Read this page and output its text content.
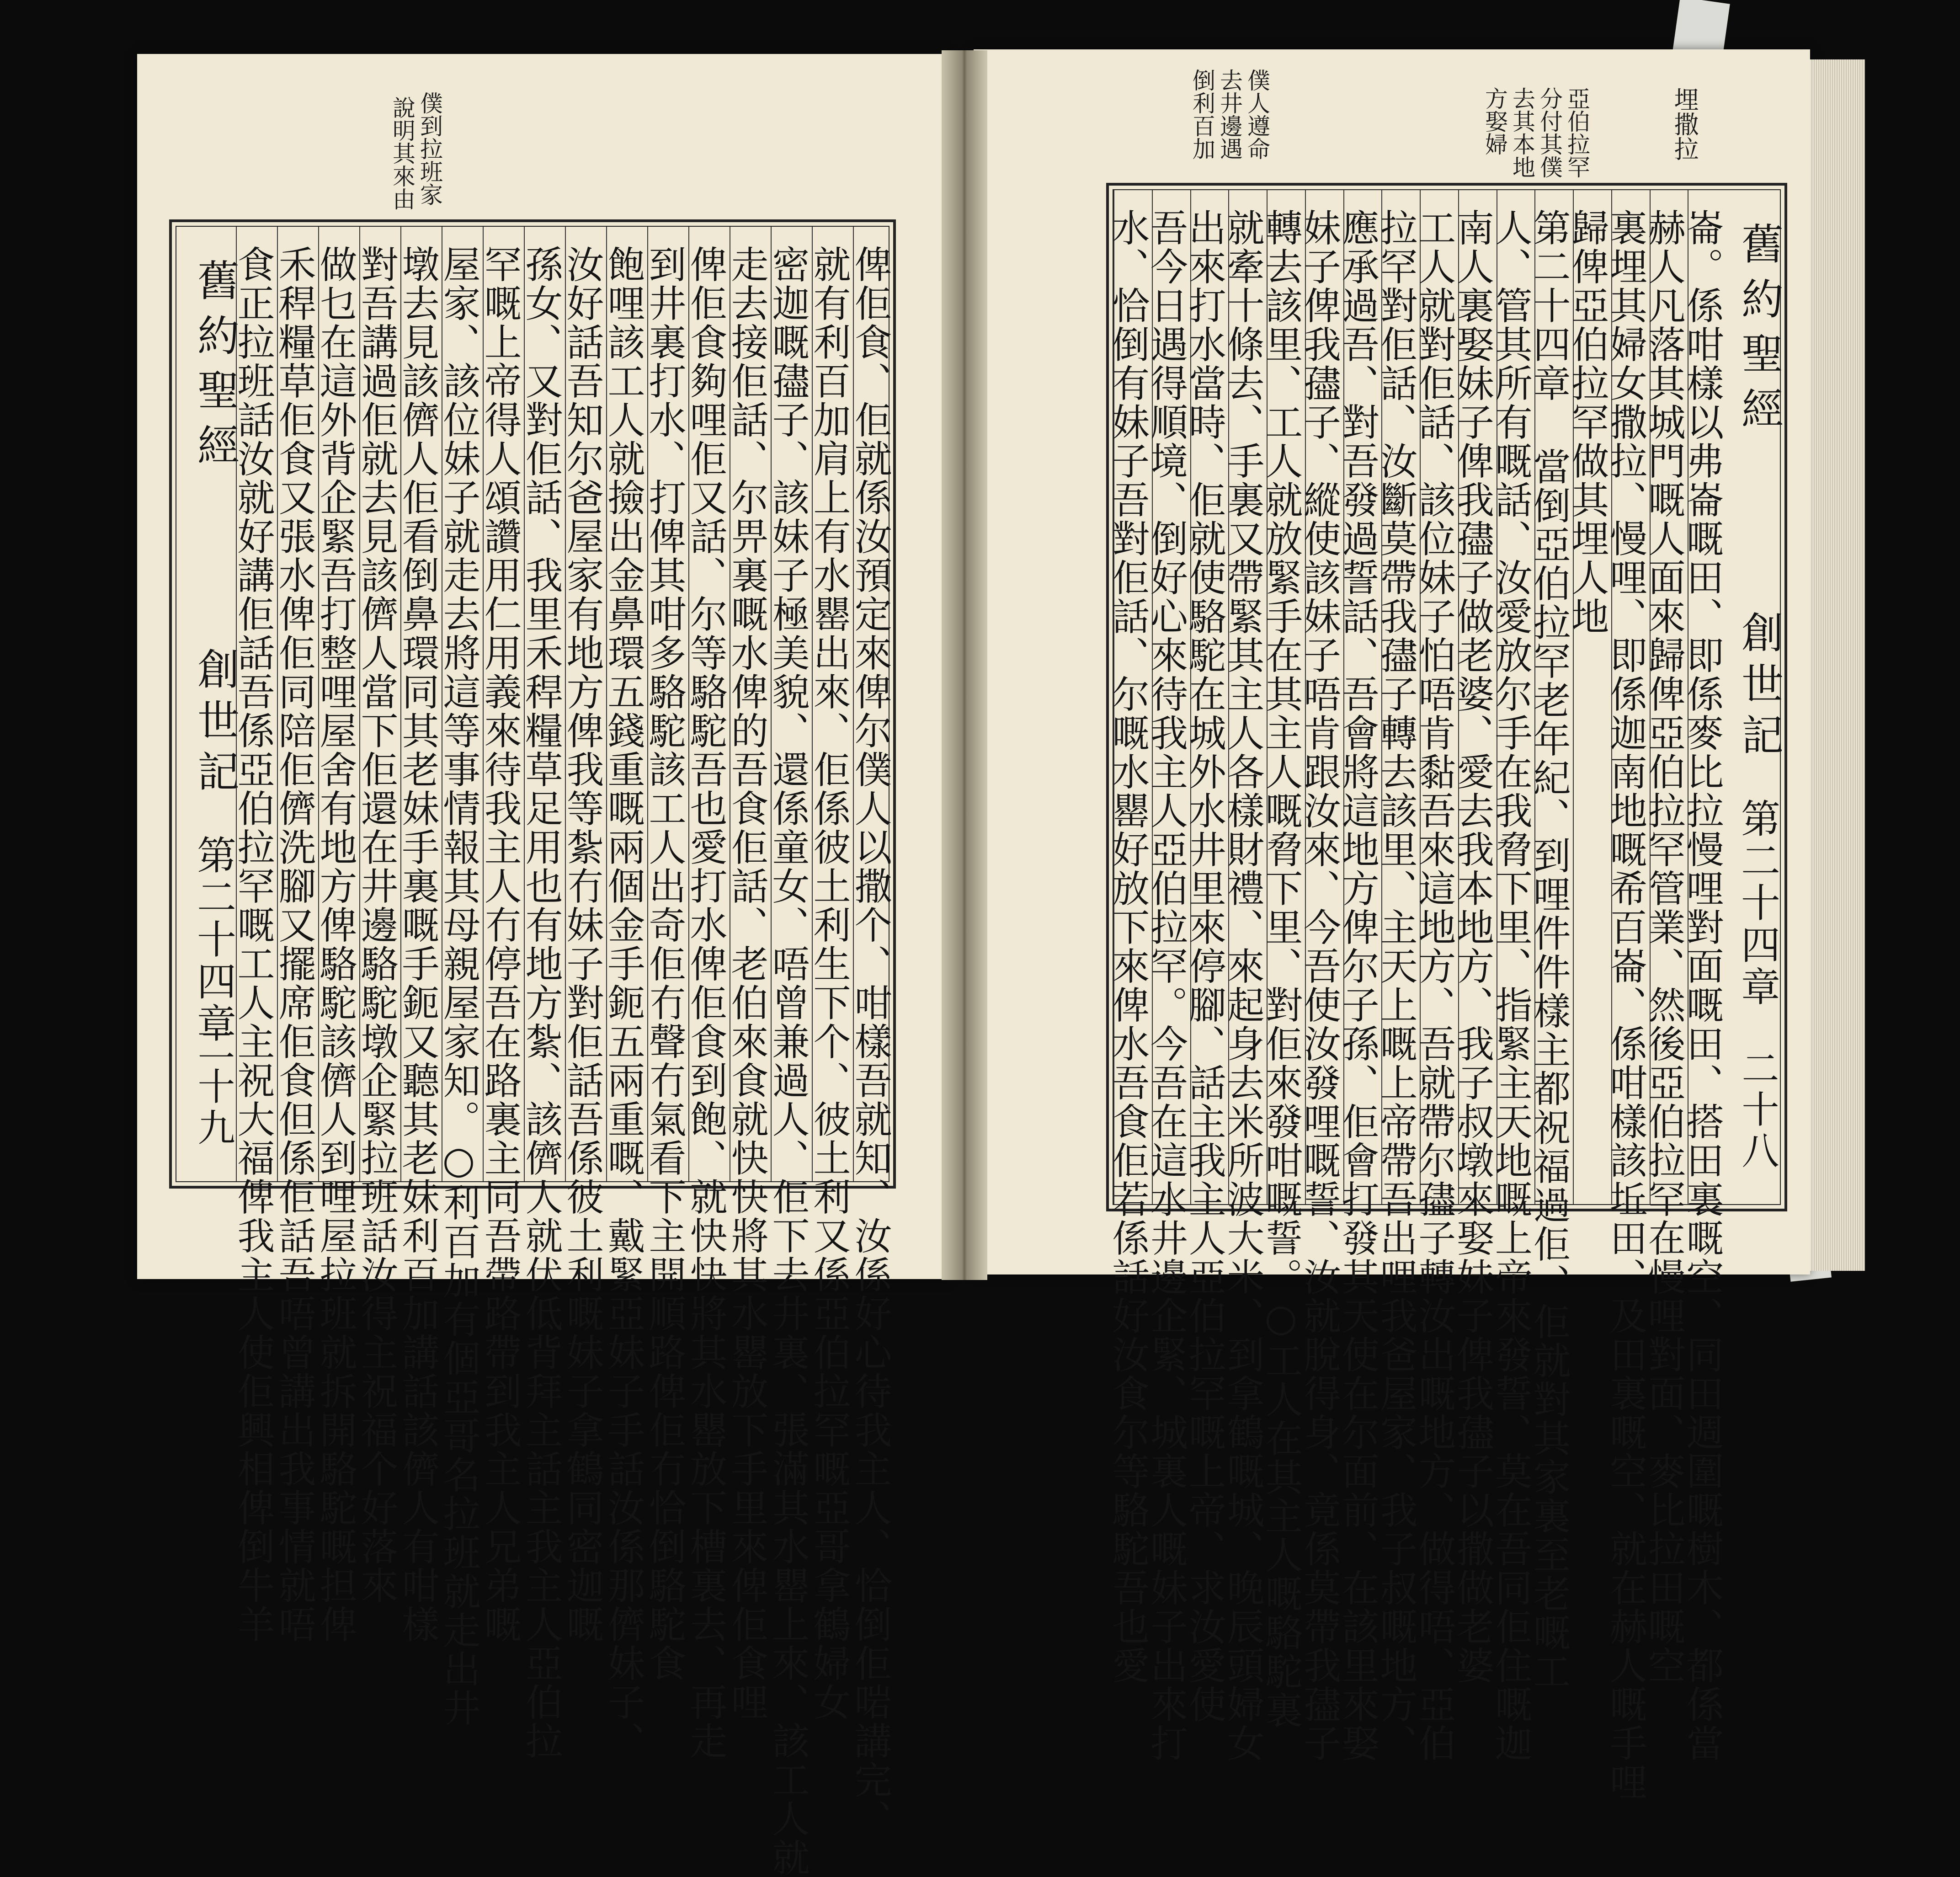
僕到拉班家
說明其來由
舊約聖經
創世記
第二十四章
二十九	俾佢食、佢就係汝預定來俾尔僕人以撒个、咁樣吾就知、汝係好心待我主人、恰倒佢啱講完、
就有利百加肩上有水罌出來、佢係彼土利生下个、彼土利又係亞伯拉罕嘅亞哥拿鶴婦女
密迦嘅孻子、該妹子極美貌、還係童女、唔曾兼過人、佢下去井裏、張滿其水罌上來、該工人就
走去接佢話、尔畀裏嘅水俾的吾食佢話、老伯來食就快快將其水罌放下手里來俾佢食哩
俾佢食夠哩佢又話、尔等駱駝吾也愛打水俾佢食到飽、就快快將其水罌放下槽裏去、再走
到井裏打水、打俾其咁多駱駝該工人出奇佢冇聲冇氣看下主開順路俾佢冇恰倒駱駝食
飽哩該工人就撿出金鼻環五錢重嘅兩個金手鈪五兩重嘅、戴緊亞妹子手話汝係那儕妹子、
汝好話吾知尔爸屋家有地方俾我等紮冇妹子對佢話吾係彼土利嘅妹子拿鶴同密迦嘅
孫女、又對佢話、我里禾稈糧草足用也有地方紮、該儕人就伏低背拜主話主我主人亞伯拉
罕嘅上帝得人頌讚用仁用義來待我主人冇停吾在路裏主同吾帶路帶到我主人兄弟嘅
屋家、該位妹子就走去將這等事情報其母親屋家知。○利百加有個亞哥名拉班就走出井
墩去見該儕人佢看倒鼻環同其老妹手裏嘅手鈪又聽其老妹利百加講話該儕人有咁樣
對吾講過佢就去見該儕人當下佢還在井邊駱駝墩企緊拉班話汝得主祝福个好落來
做乜在這外背企緊吾打整哩屋舍有地方俾駱駝該儕人到哩屋拉班就拆開駱駝嘅担俾
禾稈糧草佢食又張水俾佢同陪佢儕洗腳又擺席佢食但係佢話吾唔曾講出我事情就唔
食正拉班話汝就好講佢話吾係亞伯拉罕嘅工人主祝大福俾我主人使佢興相俾倒牛羊
埋撒拉
亞伯拉罕分付其僕去其本地方娶婦
僕人遵命去井邊遇倒利百加
崙。係咁樣以弗崙嘅田、即係麥比拉慢哩對面嘅田、搭田裏嘅空、同田週圍嘅樹木、都係當
赫人凡落其城門嘅人面來歸俾亞伯拉罕管業、然後亞伯拉罕在慢哩對面、麥比拉田嘅空
裏埋其婦女撒拉、慢哩、即係迦南地嘅希百崙、係咁樣該坵田、及田裏嘅空、就在赫人嘅手哩
歸俾亞伯拉罕做其埋人地
第二十四章 當倒亞伯拉罕老年紀、到哩件件樣主都祝福過佢、佢就對其家裏至老嘅工
人、管其所有嘅話、汝愛放尔手在我脅下里、指緊主天地嘅上帝來發誓、莫在吾同佢住嘅迦
南人裏娶妹子俾我孻子做老婆、愛去我本地方、我子叔墩來娶妹子俾我孻子以撒做老婆
工人就對佢話、該位妹子怕唔肯黏吾來這地方、吾就帶尔孻子轉汝出嘅地方、做得唔、亞伯
拉罕對佢話、汝斷莫帶我孻子轉去該里、主天上嘅上帝帶吾出哩我爸屋家、我子叔嘅地方、
應承過吾、對吾發過誓話、吾會將這地方俾尔子孫、佢會打發其天使在尔面前、在該里來娶
妹子俾我孻子、縱使該妹子唔肯跟汝來、今吾使汝發哩嘅誓、汝就脫得身、竟係莫帶我孻子
轉去該里、工人就放緊手在其主人嘅脅下里、對佢來發咁嘅誓。○工人在其主人嘅駱駝裏
就牽十條去、手裏又帶緊其主人各樣財禮、來起身去米所波大米、到拿鶴嘅城、晚辰頭婦女
出來打水當時、佢就使駱駝在城外水井里來停腳、話主我主人亞伯拉罕嘅上帝、求汝愛使
吾今日遇得順境、倒好心來待我主人亞伯拉罕。今吾在這水井邊企緊、城裏人嘅妹子出來打
水、恰倒有妹子吾對佢話、尔嘅水罌好放下來俾水吾食佢若係話好汝食尔等駱駝吾也愛	舊約聖經
創世記
第二十四章
二十八
